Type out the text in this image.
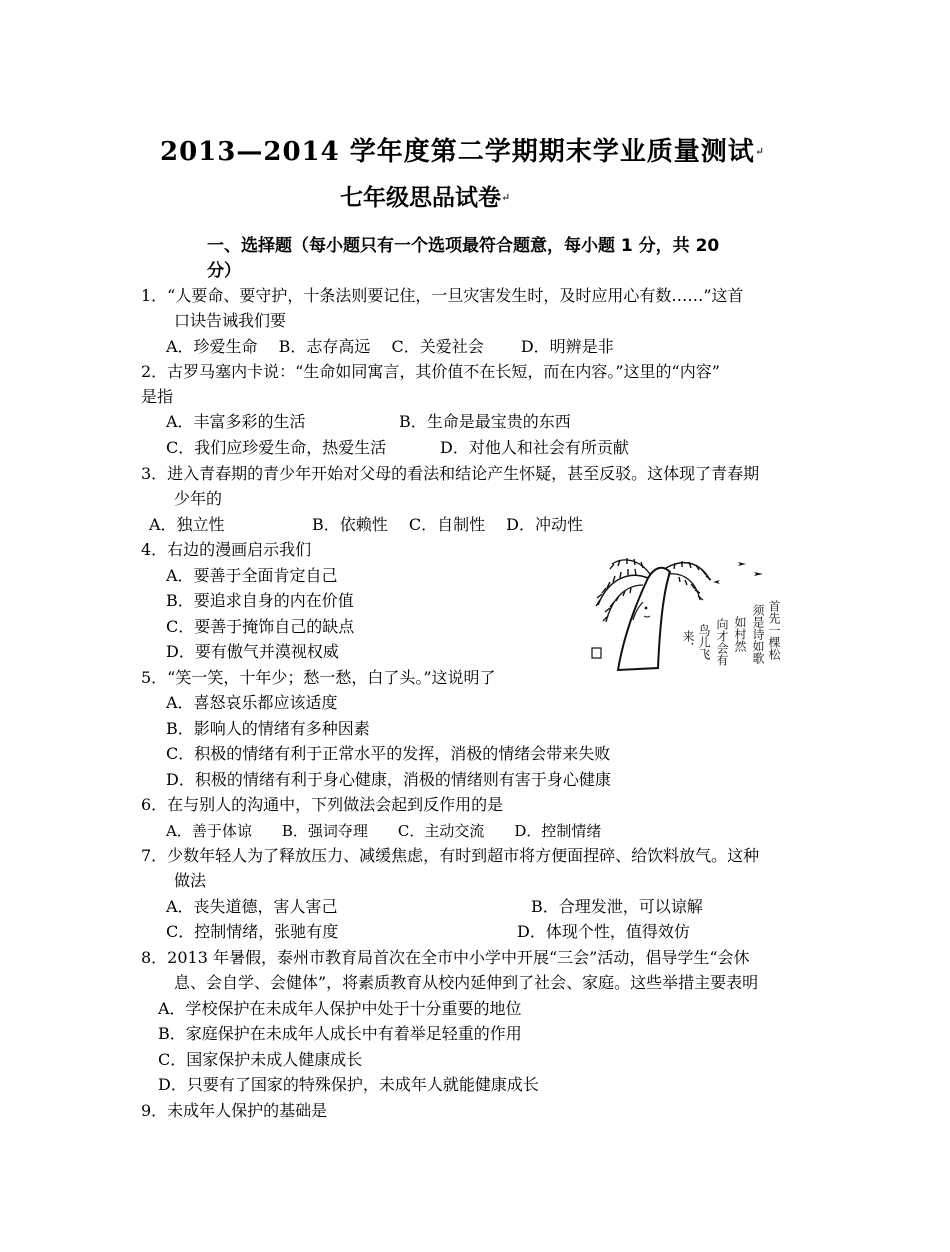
2013—2014 学年度第二学期期末学业质量测试↵
七年级思品试卷↵
一、选择题（每小题只有一个选项最符合题意，每小题 1 分，共 20
分）
1．“人要命、要守护，十条法则要记住，一旦灾害发生时，及时应用心有数……”这首
口诀告诫我们要
A．珍爱生命　 B．志存高远　 C．关爱社会　　 D．明辨是非
2．古罗马塞内卡说：“生命如同寓言，其价值不在长短，而在内容。”这里的“内容”
是指
A．丰富多彩的生活	B．生命是最宝贵的东西
C．我们应珍爱生命，热爱生活	D．对他人和社会有所贡献
3．进入青春期的青少年开始对父母的看法和结论产生怀疑，甚至反驳。这体现了青春期
少年的
A．独立性	B．依赖性　 C．自制性　 D．冲动性
4．右边的漫画启示我们
A．要善于全面肯定自己
B．要追求自身的内在价值
C．要善于掩饰自己的缺点
D．要有傲气并漠视权威	首先一棵松
须是诗如歌
如村然
向才会有
鸟儿飞
来．
5．“笑一笑，十年少；愁一愁，白了头。”这说明了
A．喜怒哀乐都应该适度
B．影响人的情绪有多种因素
C．积极的情绪有利于正常水平的发挥，消极的情绪会带来失败
D．积极的情绪有利于身心健康，消极的情绪则有害于身心健康
6．在与别人的沟通中，下列做法会起到反作用的是
A．善于体谅　　B．强词夺理　　C．主动交流　　D．控制情绪
7．少数年轻人为了释放压力、减缓焦虑，有时到超市将方便面捏碎、给饮料放气。这种
做法
A．丧失道德，害人害己	B．合理发泄，可以谅解
C．控制情绪，张驰有度	D．体现个性，值得效仿
8．2013 年暑假，泰州市教育局首次在全市中小学中开展“三会”活动，倡导学生“会休
息、会自学、会健体”，将素质教育从校内延伸到了社会、家庭。这些举措主要表明
A．学校保护在未成年人保护中处于十分重要的地位
B．家庭保护在未成年人成长中有着举足轻重的作用
C．国家保护未成人健康成长
D．只要有了国家的特殊保护，未成年人就能健康成长
9．未成年人保护的基础是
